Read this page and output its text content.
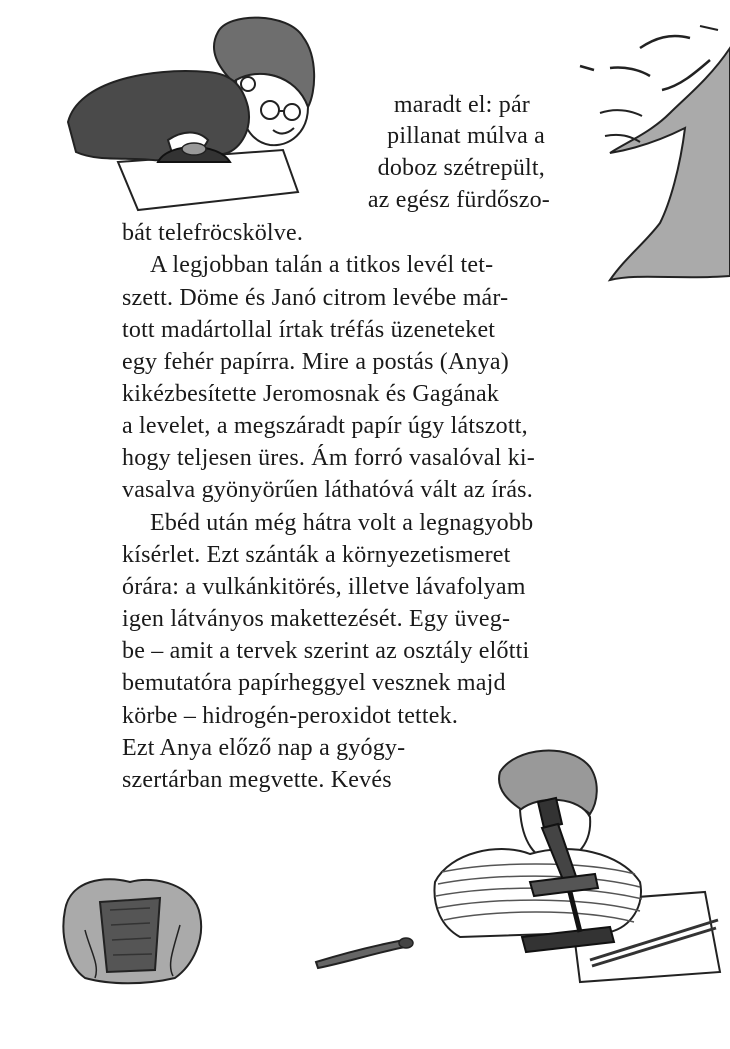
maradt el: pár
pillanat múlva a
doboz szétrepült,
az egész fürdőszo-
bát telefröcskölve.
A legjobban talán a titkos levél tet-
szett. Döme és Janó citrom levébe már-
tott madártollal írtak tréfás üzeneteket
egy fehér papírra. Mire a postás (Anya)
kikézbesítette Jeromosnak és Gagának
a levelet, a megszáradt papír úgy látszott,
hogy teljesen üres. Ám forró vasalóval ki-
vasalva gyönyörűen láthatóvá vált az írás.
Ebéd után még hátra volt a legnagyobb
kísérlet. Ezt szánták a környezetismeret
órára: a vulkánkitörés, illetve lávafolyam
igen látványos makettezését. Egy üveg-
be – amit a tervek szerint az osztály előtti
bemutatóra papírheggyel vesznek majd
körbe – hidrogén-peroxidot tettek.
Ezt Anya előző nap a gyógy-
szertárban megvette. Kevés
